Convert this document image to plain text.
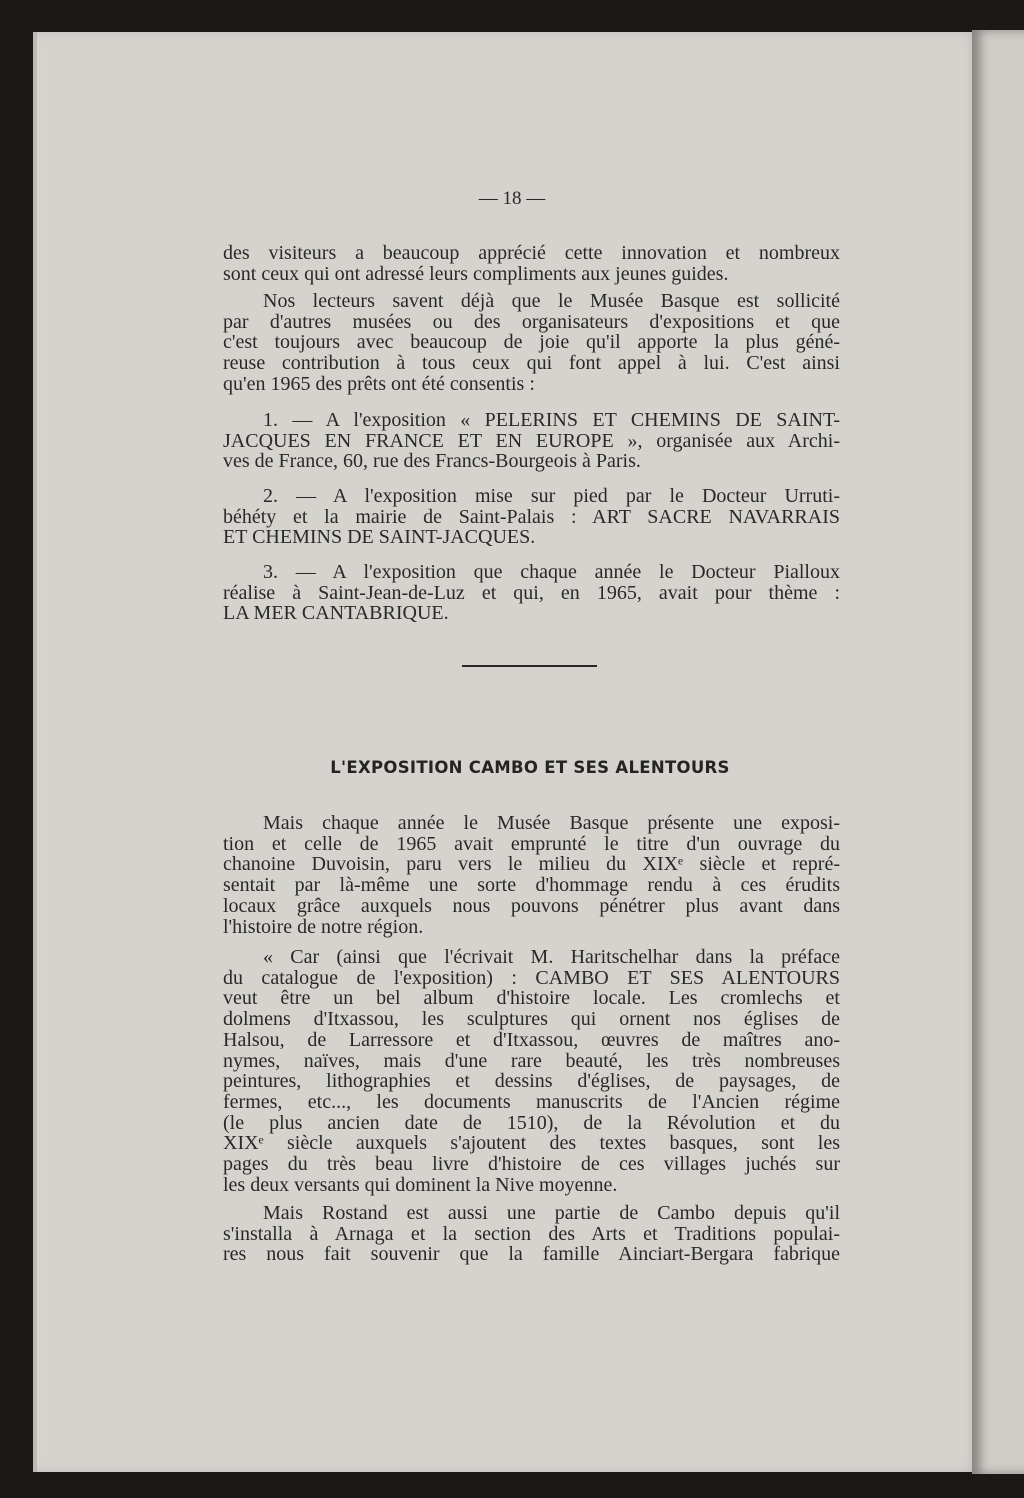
— 18 —
des visiteurs a beaucoup apprécié cette innovation et nombreux
sont ceux qui ont adressé leurs compliments aux jeunes guides.
Nos lecteurs savent déjà que le Musée Basque est sollicité
par d'autres musées ou des organisateurs d'expositions et que
c'est toujours avec beaucoup de joie qu'il apporte la plus géné-
reuse contribution à tous ceux qui font appel à lui. C'est ainsi
qu'en 1965 des prêts ont été consentis :
1. — A l'exposition « PELERINS ET CHEMINS DE SAINT-
JACQUES EN FRANCE ET EN EUROPE », organisée aux Archi-
ves de France, 60, rue des Francs-Bourgeois à Paris.
2. — A l'exposition mise sur pied par le Docteur Urruti-
béhéty et la mairie de Saint-Palais : ART SACRE NAVARRAIS
ET CHEMINS DE SAINT-JACQUES.
3. — A l'exposition que chaque année le Docteur Pialloux
réalise à Saint-Jean-de-Luz et qui, en 1965, avait pour thème :
LA MER CANTABRIQUE.
Mais chaque année le Musée Basque présente une exposi-
tion et celle de 1965 avait emprunté le titre d'un ouvrage du
chanoine Duvoisin, paru vers le milieu du XIXᵉ siècle et repré-
sentait par là-même une sorte d'hommage rendu à ces érudits
locaux grâce auxquels nous pouvons pénétrer plus avant dans
l'histoire de notre région.
« Car (ainsi que l'écrivait M. Haritschelhar dans la préface
du catalogue de l'exposition) : CAMBO ET SES ALENTOURS
veut être un bel album d'histoire locale. Les cromlechs et
dolmens d'Itxassou, les sculptures qui ornent nos églises de
Halsou, de Larressore et d'Itxassou, œuvres de maîtres ano-
nymes, naïves, mais d'une rare beauté, les très nombreuses
peintures, lithographies et dessins d'églises, de paysages, de
fermes, etc..., les documents manuscrits de l'Ancien régime
(le plus ancien date de 1510), de la Révolution et du
XIXᵉ siècle auxquels s'ajoutent des textes basques, sont les
pages du très beau livre d'histoire de ces villages juchés sur
les deux versants qui dominent la Nive moyenne.
Mais Rostand est aussi une partie de Cambo depuis qu'il
s'installa à Arnaga et la section des Arts et Traditions populai-
res nous fait souvenir que la famille Ainciart-Bergara fabrique
L'EXPOSITION CAMBO ET SES ALENTOURS
